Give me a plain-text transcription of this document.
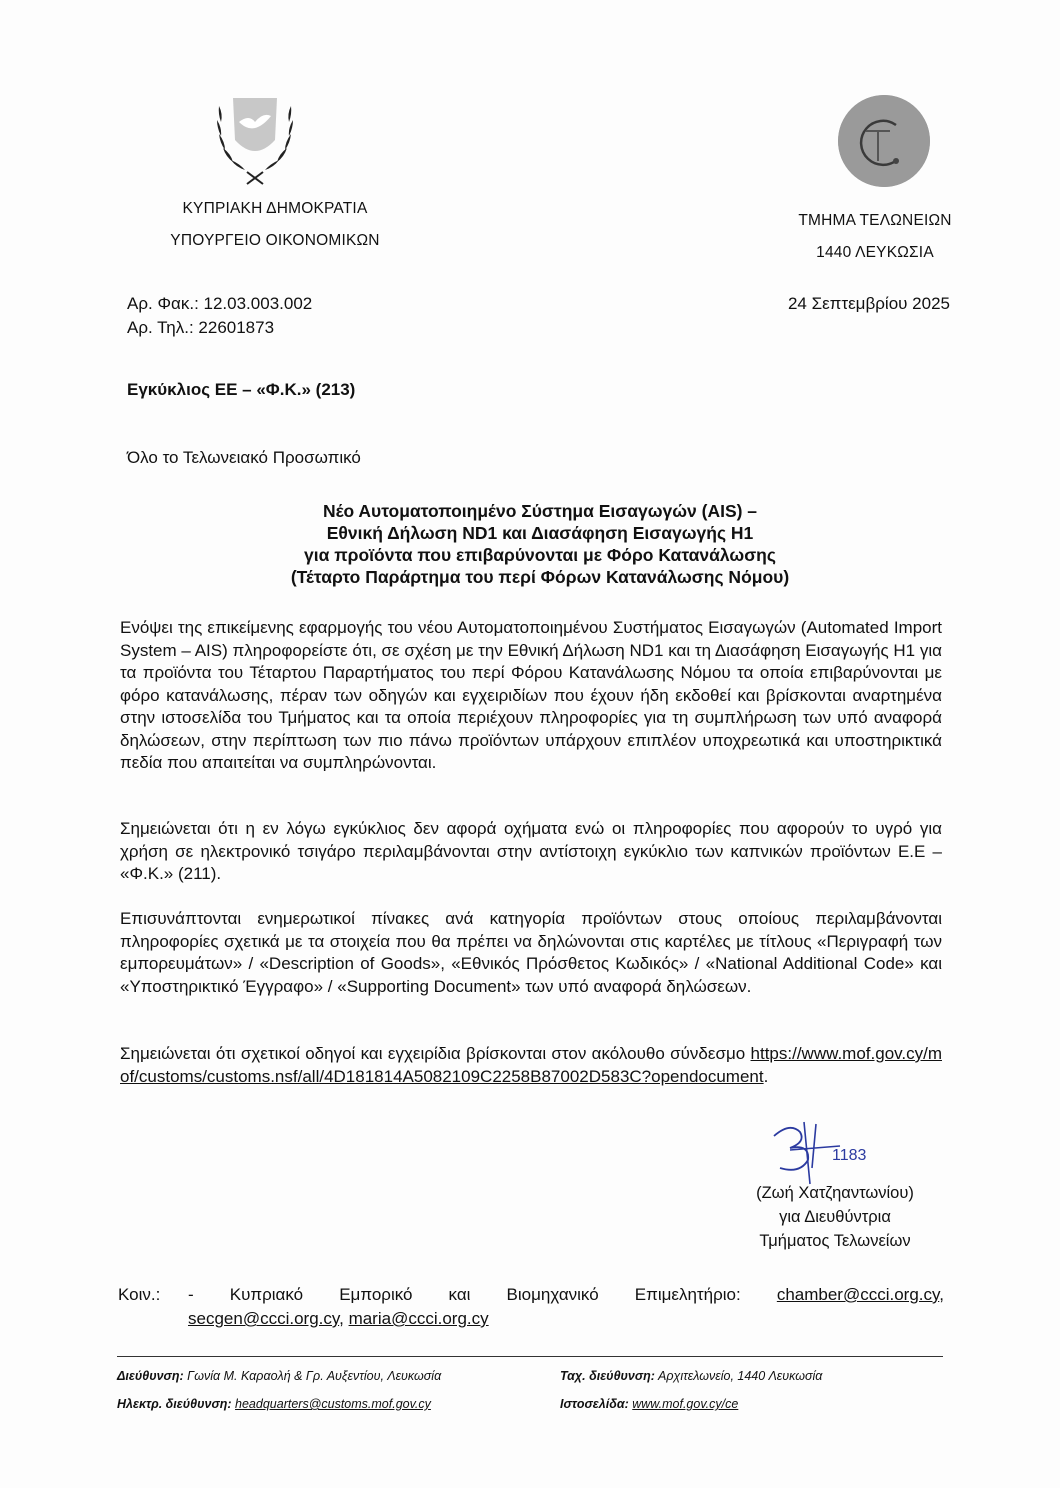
ΚΥΠΡΙΑΚΗ ΔΗΜΟΚΡΑΤΙΑ
ΥΠΟΥΡΓΕΙΟ ΟΙΚΟΝΟΜΙΚΩΝ
ΤΜΗΜΑ ΤΕΛΩΝΕΙΩΝ
1440 ΛΕΥΚΩΣΙΑ
Αρ. Φακ.: 12.03.003.002
Αρ. Τηλ.: 22601873
24 Σεπτεμβρίου 2025
Εγκύκλιος ΕΕ – «Φ.Κ.» (213)
Όλο το Τελωνειακό Προσωπικό
Νέο Αυτοματοποιημένο Σύστημα Εισαγωγών (AIS) –
Εθνική Δήλωση ND1 και Διασάφηση Εισαγωγής H1
για προϊόντα που επιβαρύνονται με Φόρο Κατανάλωσης
(Τέταρτο Παράρτημα του περί Φόρων Κατανάλωσης Νόμου)
Ενόψει της επικείμενης εφαρμογής του νέου Αυτοματοποιημένου Συστήματος Εισαγωγών (Automated Import System – AIS) πληροφορείστε ότι, σε σχέση με την Εθνική Δήλωση ND1 και τη Διασάφηση Εισαγωγής H1 για τα προϊόντα του Τέταρτου Παραρτήματος του περί Φόρου Κατανάλωσης Νόμου τα οποία επιβαρύνονται με φόρο κατανάλωσης, πέραν των οδηγών και εγχειριδίων που έχουν ήδη εκδοθεί και βρίσκονται αναρτημένα στην ιστοσελίδα του Τμήματος και τα οποία περιέχουν πληροφορίες για τη συμπλήρωση των υπό αναφορά δηλώσεων, στην περίπτωση των πιο πάνω προϊόντων υπάρχουν επιπλέον υποχρεωτικά και υποστηρικτικά πεδία που απαιτείται να συμπληρώνονται.
Σημειώνεται ότι η εν λόγω εγκύκλιος δεν αφορά οχήματα ενώ οι πληροφορίες που αφορούν το υγρό για χρήση σε ηλεκτρονικό τσιγάρο περιλαμβάνονται στην αντίστοιχη εγκύκλιο των καπνικών προϊόντων Ε.Ε – «Φ.Κ.» (211).
Επισυνάπτονται ενημερωτικοί πίνακες ανά κατηγορία προϊόντων στους οποίους περιλαμβάνονται πληροφορίες σχετικά με τα στοιχεία που θα πρέπει να δηλώνονται στις καρτέλες με τίτλους «Περιγραφή των εμπορευμάτων» / «Description of Goods», «Εθνικός Πρόσθετος Κωδικός» / «National Additional Code» και «Υποστηρικτικό Έγγραφο» / «Supporting Document» των υπό αναφορά δηλώσεων.
Σημειώνεται ότι σχετικοί οδηγοί και εγχειρίδια βρίσκονται στον ακόλουθο σύνδεσμο https://www.mof.gov.cy/mof/customs/customs.nsf/all/4D181814A5082109C2258B87002D583C?opendocument.
1183
(Ζωή Χατζηαντωνίου)
για Διευθύντρια
Τμήματος Τελωνείων
Κοιν.: - Κυπριακό Εμπορικό και Βιομηχανικό Επιμελητήριο: chamber@ccci.org.cy,
secgen@ccci.org.cy, maria@ccci.org.cy
Διεύθυνση: Γωνία Μ. Καραολή & Γρ. Αυξεντίου, Λευκωσία	Ταχ. διεύθυνση: Αρχιτελωνείο, 1440 Λευκωσία
Ηλεκτρ. διεύθυνση: headquarters@customs.mof.gov.cy	Ιστοσελίδα: www.mof.gov.cy/ce
